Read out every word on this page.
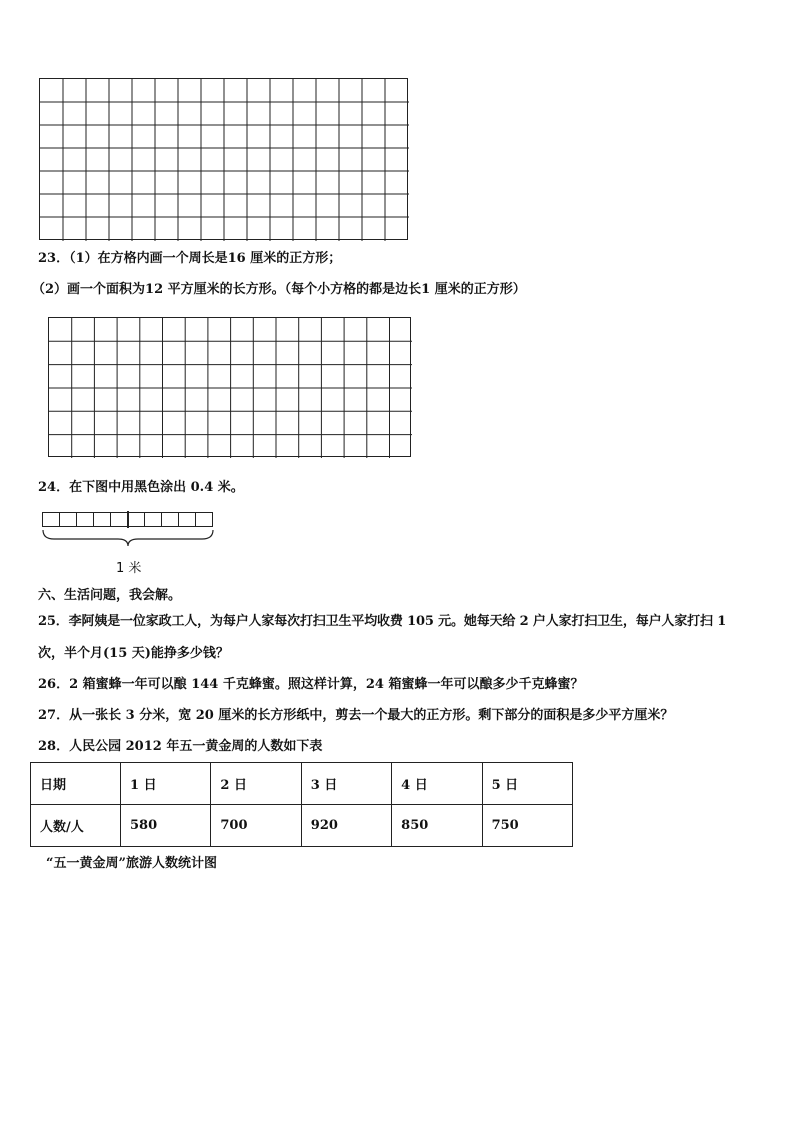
23．（1）在方格内画一个周长是16 厘米的正方形；
（2）画一个面积为12 平方厘米的长方形。（每个小方格的都是边长1 厘米的正方形）
24．在下图中用黑色涂出 0.4 米。
1 米
六、生活问题，我会解。
25．李阿姨是一位家政工人，为每户人家每次打扫卫生平均收费 105 元。她每天给 2 户人家打扫卫生，每户人家打扫 1
次，半个月(15 天)能挣多少钱？
26．2 箱蜜蜂一年可以酿 144 千克蜂蜜。照这样计算，24 箱蜜蜂一年可以酿多少千克蜂蜜？
27．从一张长 3 分米，宽 20 厘米的长方形纸中，剪去一个最大的正方形。剩下部分的面积是多少平方厘米？
28．人民公园 2012 年五一黄金周的人数如下表
日期	1 日	2 日	3 日	4 日	5 日
人数/人	580	700	920	850	750
“五一黄金周”旅游人数统计图
